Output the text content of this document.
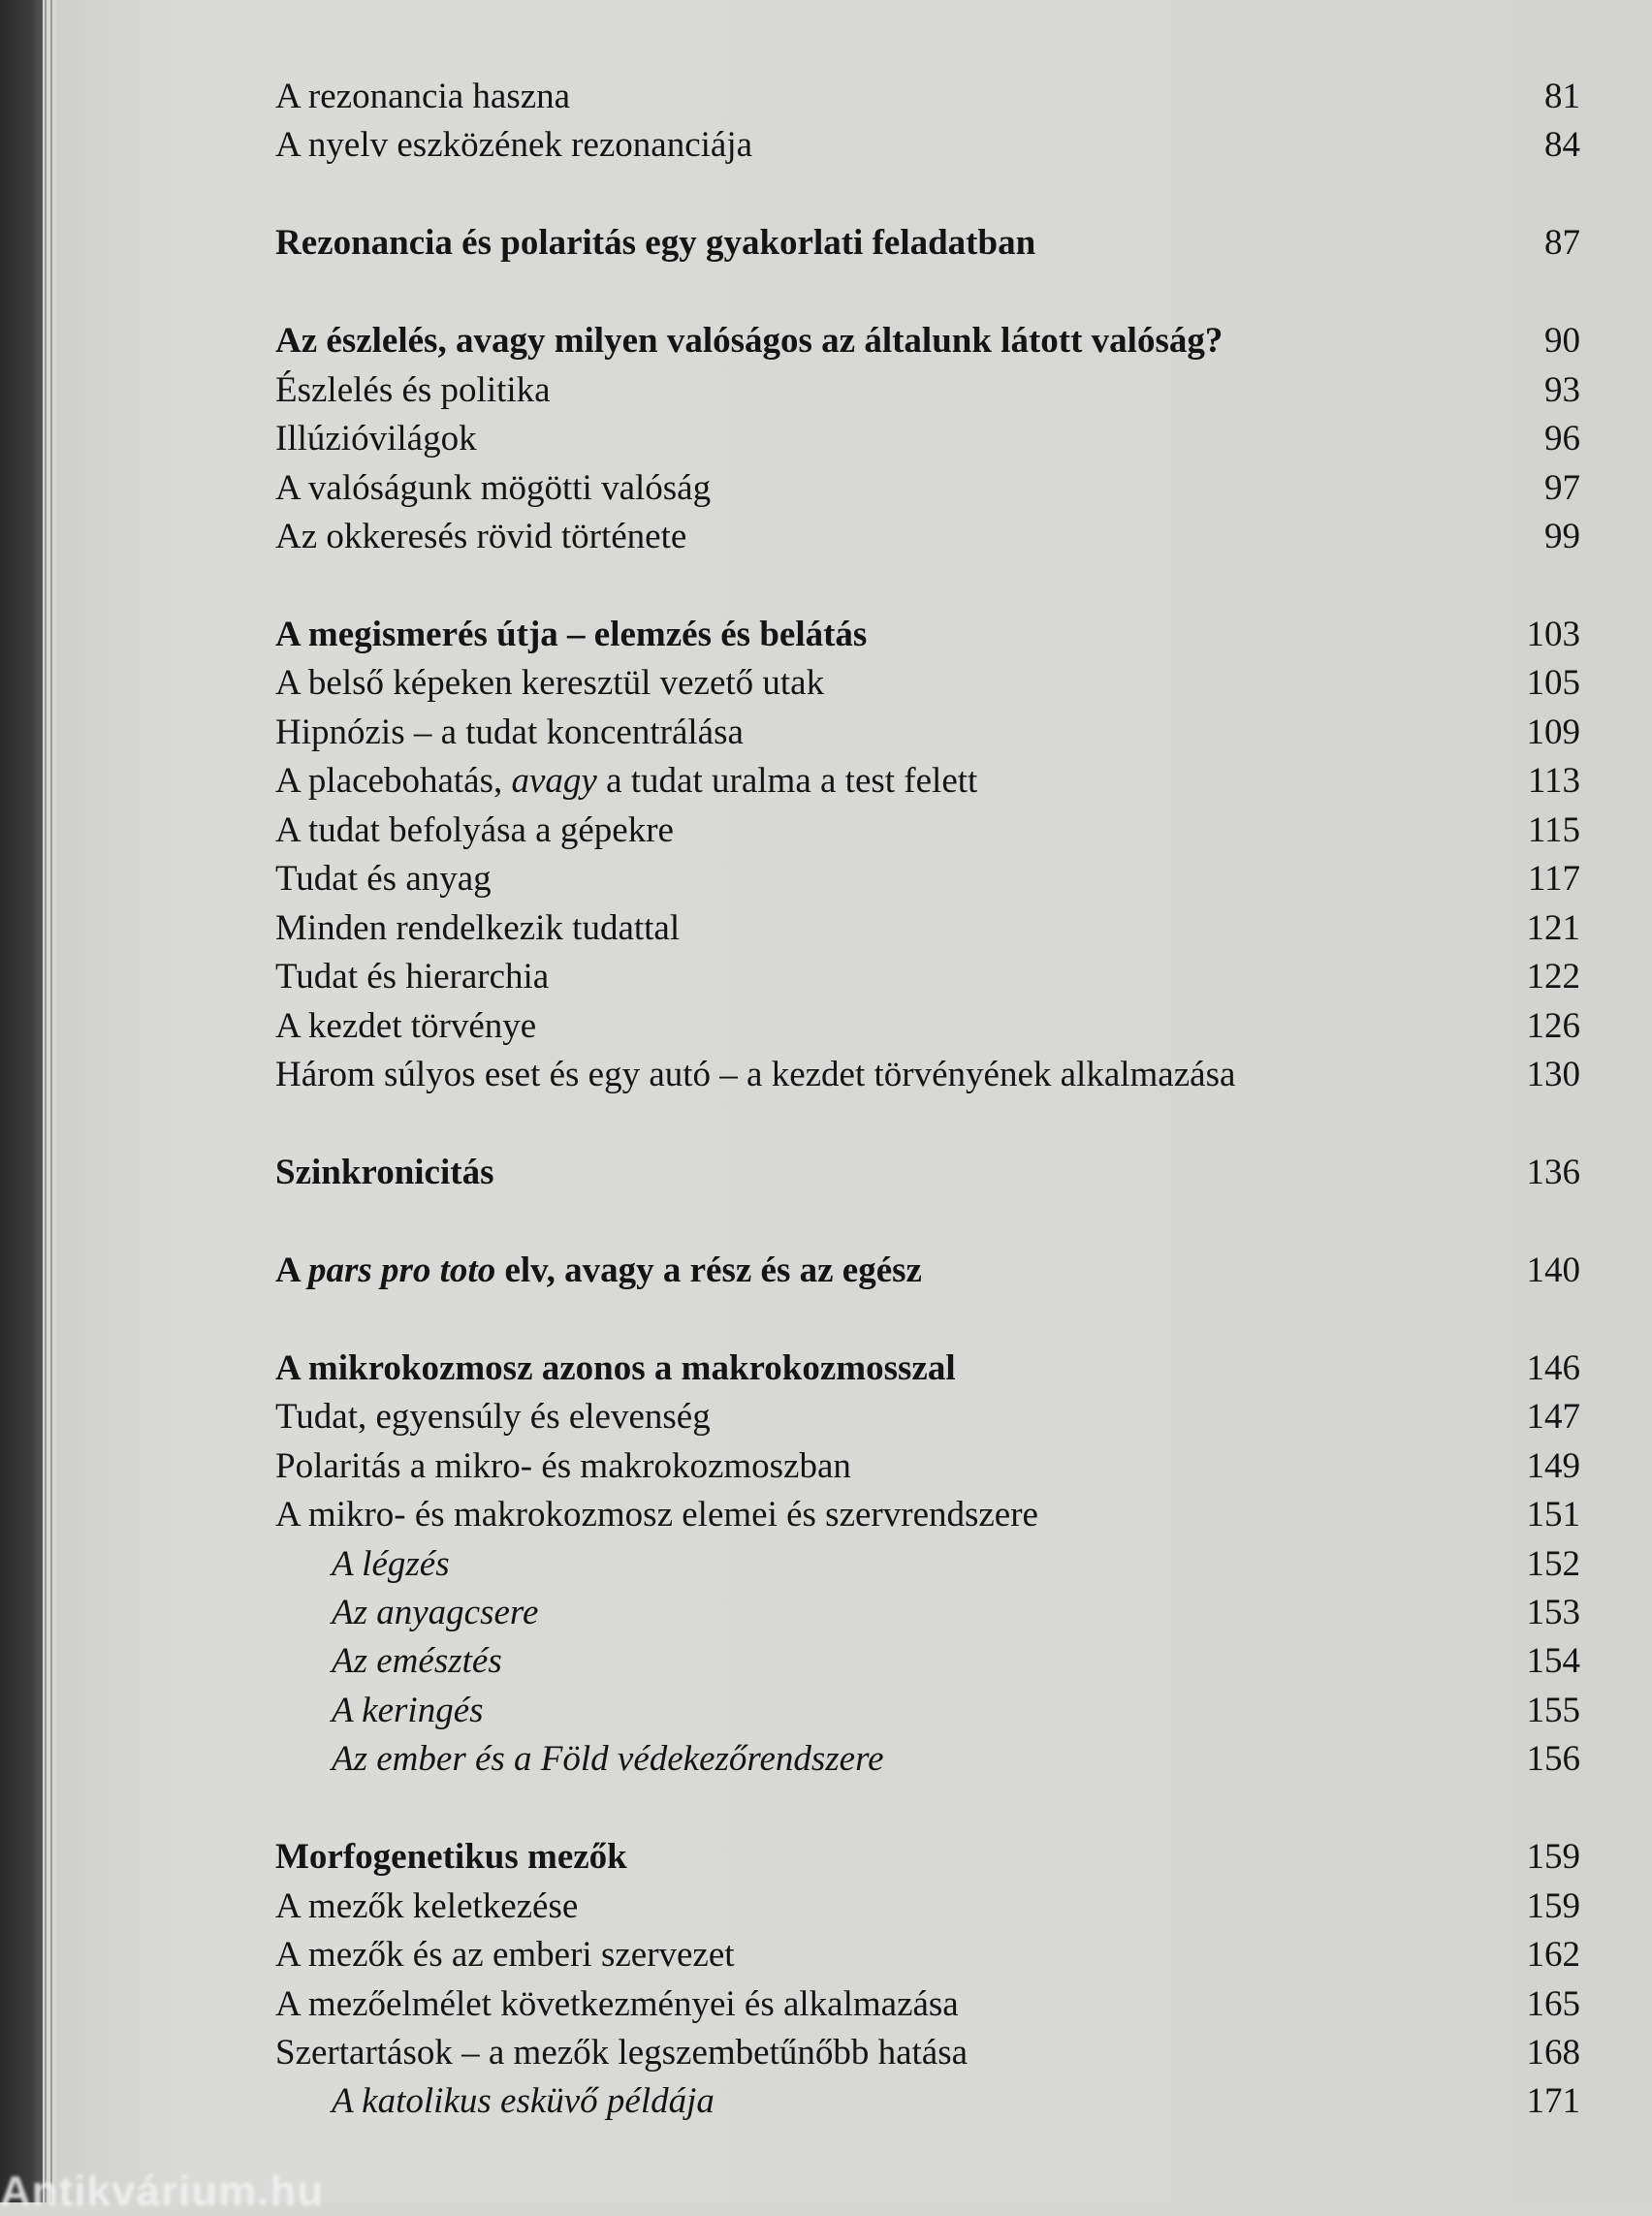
A rezonancia haszna	81
A nyelv eszközének rezonanciája	84
Rezonancia és polaritás egy gyakorlati feladatban	87
Az észlelés, avagy milyen valóságos az általunk látott valóság?	90
Észlelés és politika	93
Illúzióvilágok	96
A valóságunk mögötti valóság	97
Az okkeresés rövid története	99
A megismerés útja – elemzés és belátás	103
A belső képeken keresztül vezető utak	105
Hipnózis – a tudat koncentrálása	109
A placebohatás, avagy a tudat uralma a test felett	113
A tudat befolyása a gépekre	115
Tudat és anyag	117
Minden rendelkezik tudattal	121
Tudat és hierarchia	122
A kezdet törvénye	126
Három súlyos eset és egy autó – a kezdet törvényének alkalmazása	130
Szinkronicitás	136
A pars pro toto elv, avagy a rész és az egész	140
A mikrokozmosz azonos a makrokozmosszal	146
Tudat, egyensúly és elevenség	147
Polaritás a mikro- és makrokozmoszban	149
A mikro- és makrokozmosz elemei és szervrendszere	151
A légzés	152
Az anyagcsere	153
Az emésztés	154
A keringés	155
Az ember és a Föld védekezőrendszere	156
Morfogenetikus mezők	159
A mezők keletkezése	159
A mezők és az emberi szervezet	162
A mezőelmélet következményei és alkalmazása	165
Szertartások – a mezők legszembetűnőbb hatása	168
A katolikus esküvő példája	171
Antikvárium.hu
